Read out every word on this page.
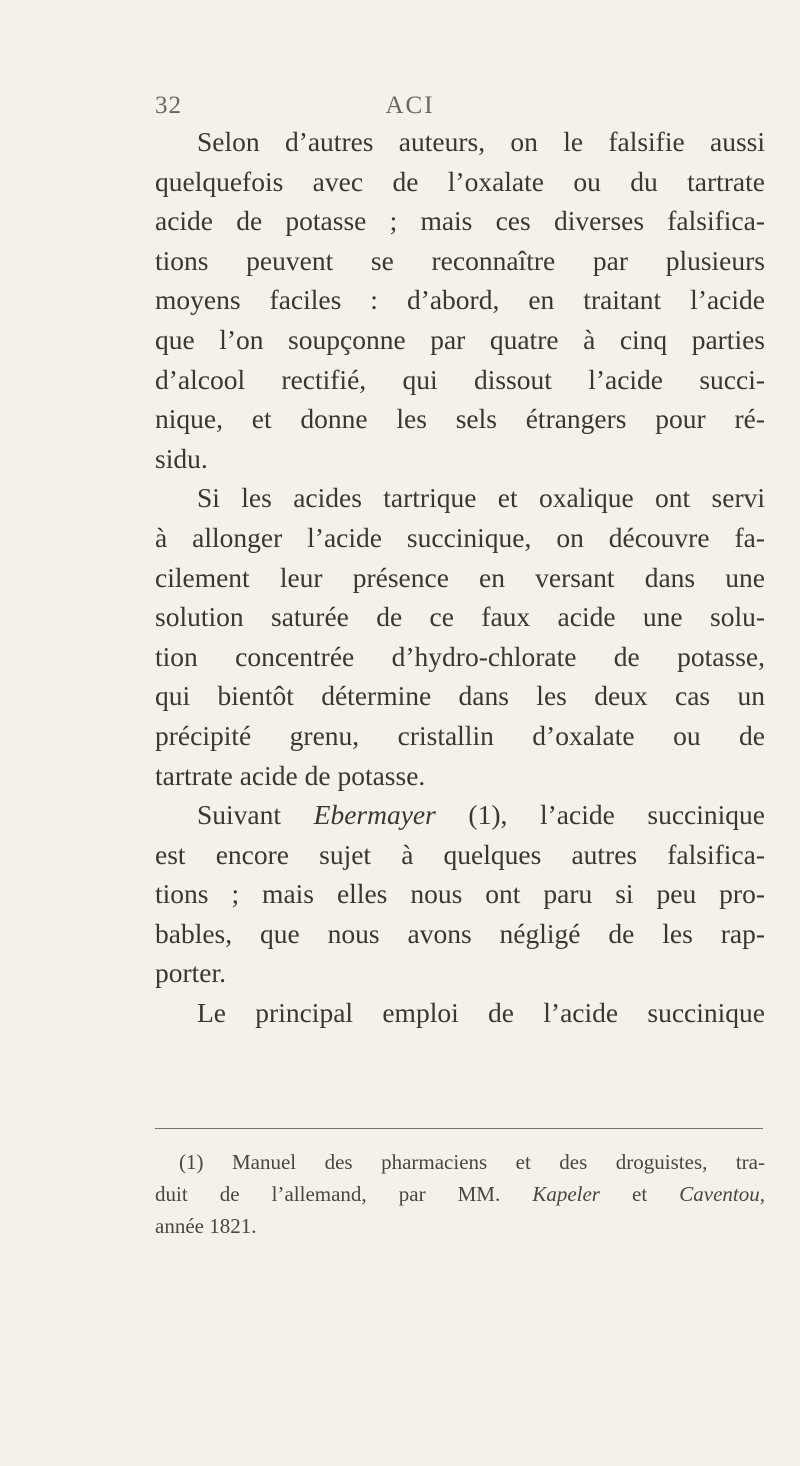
32	ACI
Selon d’autres auteurs, on le falsifie aussi
quelquefois avec de l’oxalate ou du tartrate
acide de potasse ; mais ces diverses falsifica-
tions peuvent se reconnaître par plusieurs
moyens faciles : d’abord, en traitant l’acide
que l’on soupçonne par quatre à cinq parties
d’alcool rectifié, qui dissout l’acide succi-
nique, et donne les sels étrangers pour ré-
sidu.
Si les acides tartrique et oxalique ont servi
à allonger l’acide succinique, on découvre fa-
cilement leur présence en versant dans une
solution saturée de ce faux acide une solu-
tion concentrée d’hydro-chlorate de potasse,
qui bientôt détermine dans les deux cas un
précipité grenu, cristallin d’oxalate ou de
tartrate acide de potasse.
Suivant Ebermayer (1), l’acide succinique
est encore sujet à quelques autres falsifica-
tions ; mais elles nous ont paru si peu pro-
bables, que nous avons négligé de les rap-
porter.
Le principal emploi de l’acide succinique
(1) Manuel des pharmaciens et des droguistes, tra-
duit de l’allemand, par MM. Kapeler et Caventou,
année 1821.
